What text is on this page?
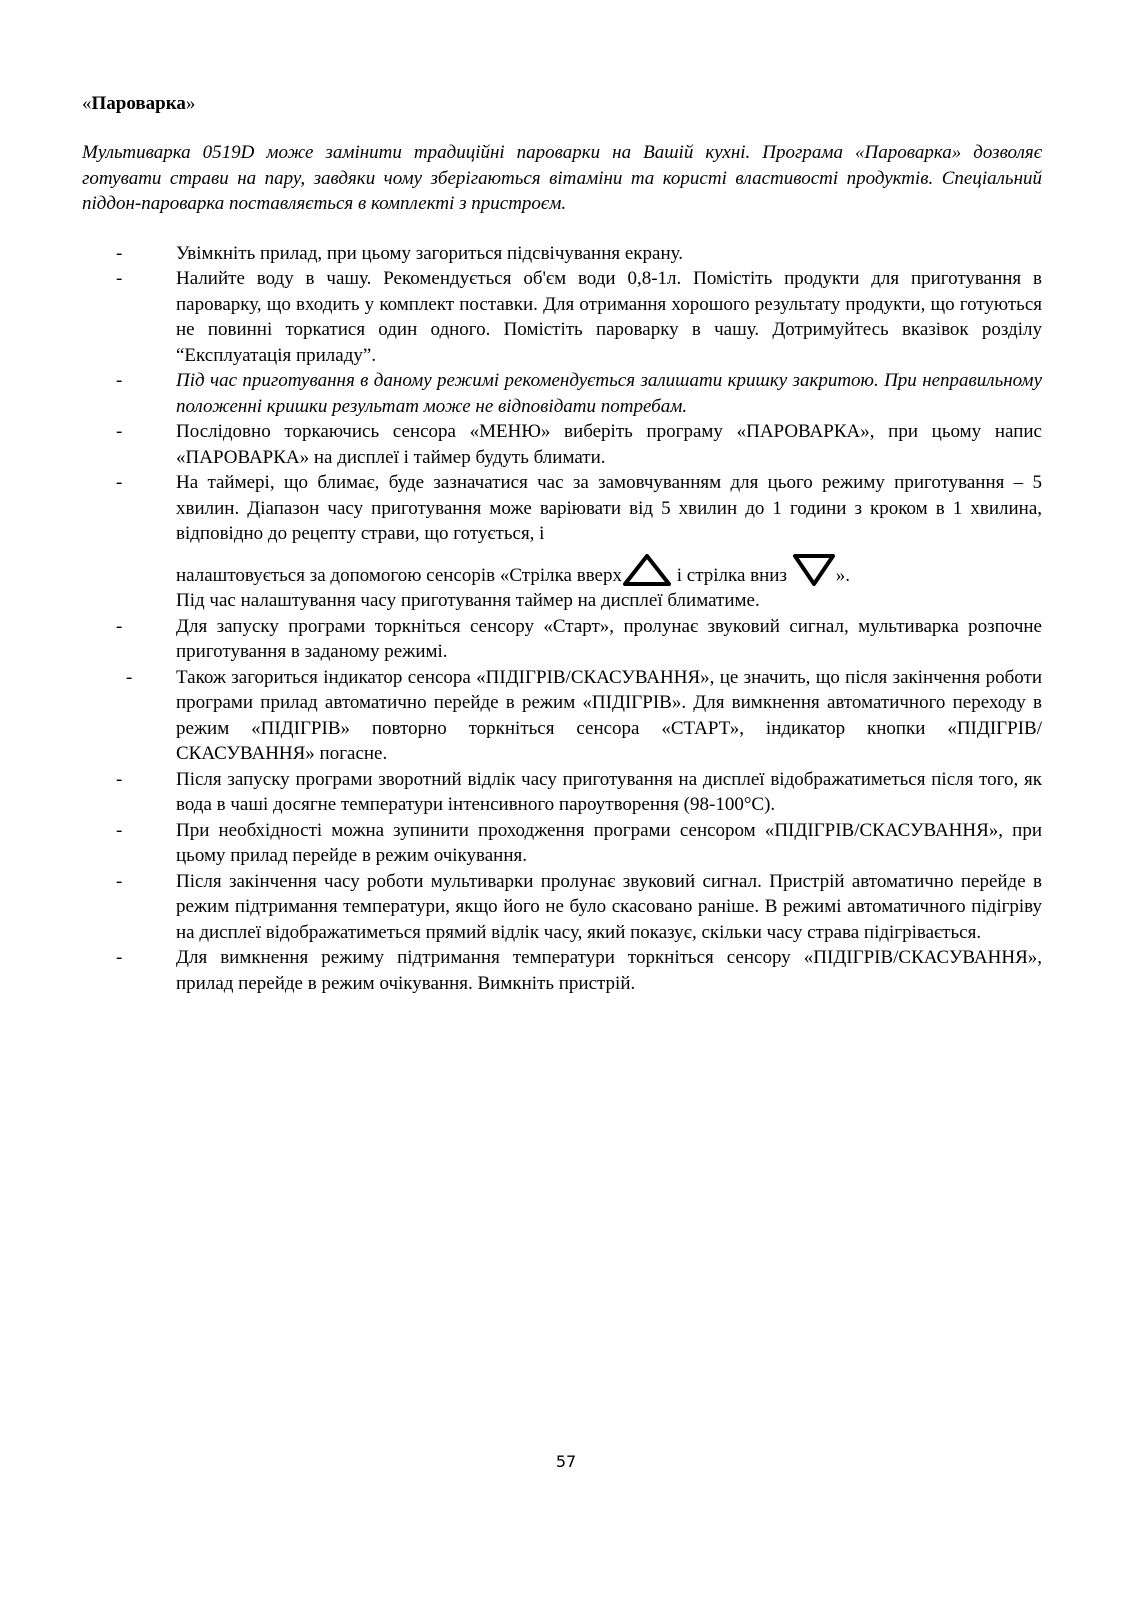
«Пароварка»
Мультиварка 0519D може замінити традиційні пароварки на Вашій кухні. Програма «Пароварка» дозволяє готувати страви на пару, завдяки чому зберігаються вітаміни та користі властивості продуктів. Спеціальний піддон-пароварка поставляється в комплекті з пристроєм.
-	Увімкніть прилад, при цьому загориться підсвічування екрану.
-	Налийте воду в чашу. Рекомендується об'єм води 0,8-1л. Помістіть продукти для приготування в пароварку, що входить у комплект поставки. Для отримання хорошого результату продукти, що готуються не повинні торкатися один одного. Помістіть пароварку в чашу. Дотримуйтесь вказівок розділу “Експлуатація приладу”.
-	Під час приготування в даному режимі рекомендується залишати кришку закритою. При неправильному положенні кришки результат може не відповідати потребам.
-	Послідовно торкаючись сенсора «МЕНЮ» виберіть програму «ПАРОВАРКА», при цьому напис «ПАРОВАРКА» на дисплеї і таймер будуть блимати.
-	На таймері, що блимає, буде зазначатися час за замовчуванням для цього режиму приготування – 5 хвилин. Діапазон часу приготування може варіювати від 5 хвилин до 1 години з кроком в 1 хвилина, відповідно до рецепту страви, що готується, і
налаштовується за допомогою сенсорів «Стрілка вверх	і стрілка вниз	».
Під час налаштування часу приготування таймер на дисплеї блиматиме.
-	Для запуску програми торкніться сенсору «Старт», пролунає звуковий сигнал, мультиварка розпочне приготування в заданому режимі.
- Також загориться індикатор сенсора «ПІДІГРІВ/СКАСУВАННЯ», це значить, що після закінчення роботи програми прилад автоматично перейде в режим «ПІДІГРІВ». Для вимкнення автоматичного переходу в режим «ПІДІГРІВ» повторно торкніться сенсора «СТАРТ», індикатор кнопки «ПІДІГРІВ/СКАСУВАННЯ» погасне.
-	Після запуску програми зворотний відлік часу приготування на дисплеї відображатиметься після того, як вода в чаші досягне температури інтенсивного пароутворення (98-100°С).
-	При необхідності можна зупинити проходження програми сенсором «ПІДІГРІВ/СКАСУВАННЯ», при цьому прилад перейде в режим очікування.
-	Після закінчення часу роботи мультиварки пролунає звуковий сигнал. Пристрій автоматично перейде в режим підтримання температури, якщо його не було скасовано раніше. В режимі автоматичного підігріву на дисплеї відображатиметься прямий відлік часу, який показує, скільки часу страва підігрівається.
-	Для вимкнення режиму підтримання температури торкніться сенсору «ПІДІГРІВ/СКАСУВАННЯ», прилад перейде в режим очікування. Вимкніть пристрій.
57
